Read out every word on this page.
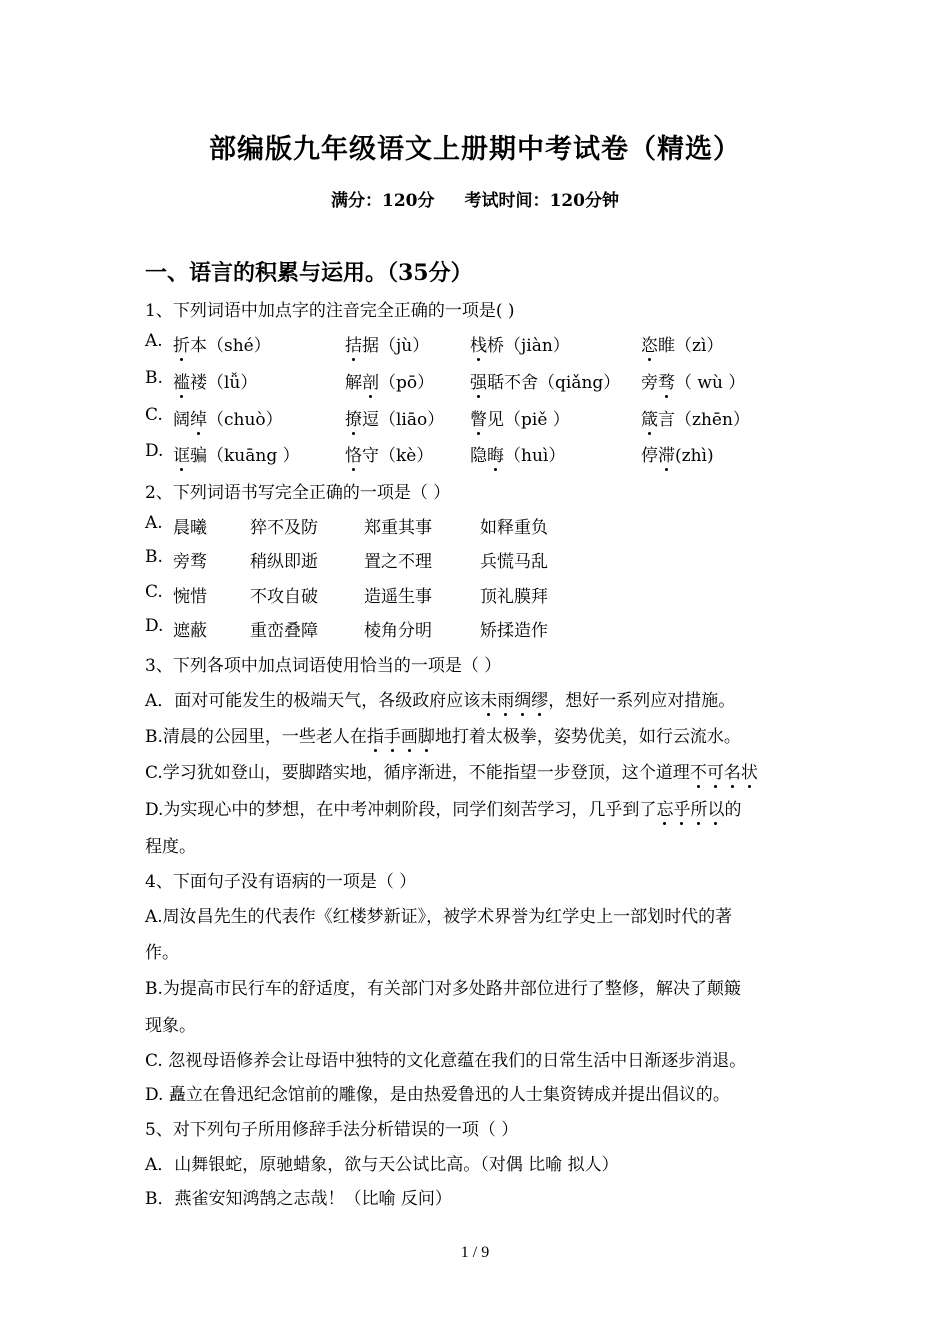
部编版九年级语文上册期中考试卷（精选）
满分：120分 考试时间：120分钟
一、语言的积累与运用。（35分）
1、下列词语中加点字的注音完全正确的一项是( )
A. 折本（shé）	拮据（jù） 栈桥（jiàn）	恣睢（zì）
B. 褴褛（lǚ）	解剖（pō） 强聒不舍（qiǎng） 旁骛（ wù ）
C. 阔绰（chuò）	撩逗（liāo） 瞥见（piě ）	箴言（zhēn）
D. 诓骗（kuāng ）	恪守（kè） 隐晦（huì）	停滞(zhì)
2、下列词语书写完全正确的一项是（ ）
A. 晨曦	猝不及防	郑重其事	如释重负
B. 旁骛	稍纵即逝	置之不理	兵慌马乱
C. 惋惜	不攻自破	造遥生事	顶礼膜拜
D. 遮蔽	重峦叠障	棱角分明	矫揉造作
3、下列各项中加点词语使用恰当的一项是（ ）
A．面对可能发生的极端天气，各级政府应该未雨绸缪，想好一系列应对措施。
B.清晨的公园里，一些老人在指手画脚地打着太极拳，姿势优美，如行云流水。
C.学习犹如登山，要脚踏实地，循序渐进，不能指望一步登顶，这个道理不可名状
D.为实现心中的梦想，在中考冲刺阶段，同学们刻苦学习，几乎到了忘乎所以的
程度。
4、下面句子没有语病的一项是（ ）
A.周汝昌先生的代表作《红楼梦新证》，被学术界誉为红学史上一部划时代的著
作。
B.为提高市民行车的舒适度，有关部门对多处路井部位进行了整修，解决了颠簸
现象。
C. 忽视母语修养会让母语中独特的文化意蕴在我们的日常生活中日渐逐步消退。
D. 矗立在鲁迅纪念馆前的雕像，是由热爱鲁迅的人士集资铸成并提出倡议的。
5、对下列句子所用修辞手法分析错误的一项（ ）
A．山舞银蛇，原驰蜡象，欲与天公试比高。（对偶 比喻 拟人）
B．燕雀安知鸿鹄之志哉！（比喻 反问）
1 / 9
